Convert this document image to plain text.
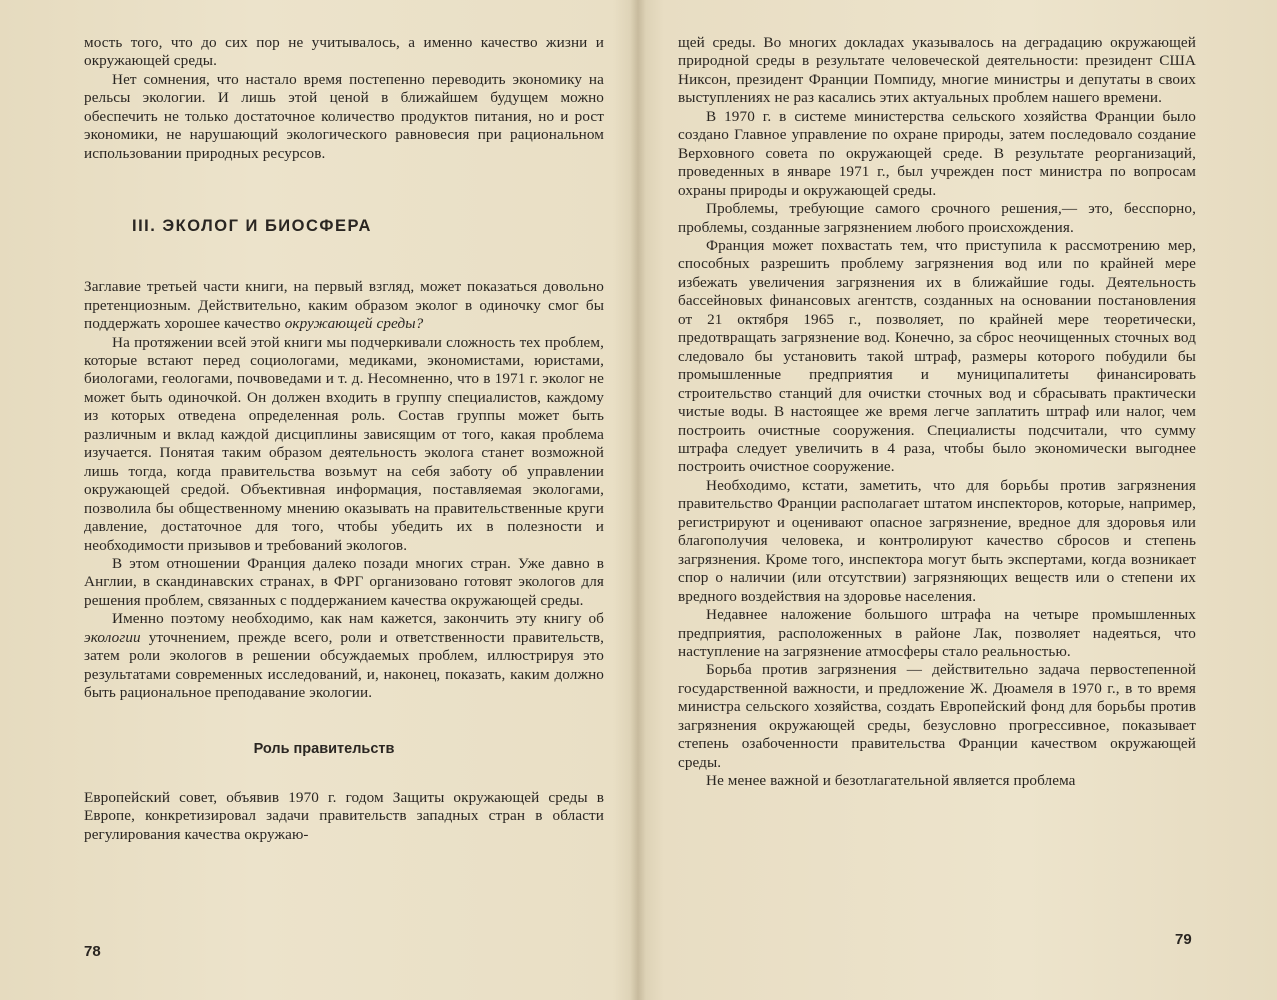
мость того, что до сих пор не учитывалось, а именно качество жизни и окружающей среды.

Нет сомнения, что настало время постепенно переводить экономику на рельсы экологии. И лишь этой ценой в ближайшем будущем можно обеспечить не только достаточное количество продуктов питания, но и рост экономики, не нарушающий экологического равновесия при рациональном использовании природных ресурсов.

III. ЭКОЛОГ И БИОСФЕРА

Заглавие третьей части книги, на первый взгляд, может показаться довольно претенциозным. Действительно, каким образом эколог в одиночку смог бы поддержать хорошее качество окружающей среды?

На протяжении всей этой книги мы подчеркивали сложность тех проблем, которые встают перед социологами, медиками, экономистами, юристами, биологами, геологами, почвоведами и т. д. Несомненно, что в 1971 г. эколог не может быть одиночкой. Он должен входить в группу специалистов, каждому из которых отведена определенная роль. Состав группы может быть различным и вклад каждой дисциплины зависящим от того, какая проблема изучается. Понятая таким образом деятельность эколога станет возможной лишь тогда, когда правительства возьмут на себя заботу об управлении окружающей средой. Объективная информация, поставляемая экологами, позволила бы общественному мнению оказывать на правительственные круги давление, достаточное для того, чтобы убедить их в полезности и необходимости призывов и требований экологов.

В этом отношении Франция далеко позади многих стран. Уже давно в Англии, в скандинавских странах, в ФРГ организовано готовят экологов для решения проблем, связанных с поддержанием качества окружающей среды.

Именно поэтому необходимо, как нам кажется, закончить эту книгу об экологии уточнением, прежде всего, роли и ответственности правительств, затем роли экологов в решении обсуждаемых проблем, иллюстрируя это результатами современных исследований, и, наконец, показать, каким должно быть рациональное преподавание экологии.

Роль правительств

Европейский совет, объявив 1970 г. годом Защиты окружающей среды в Европе, конкретизировал задачи правительств западных стран в области регулирования качества окружаю-

78

щей среды. Во многих докладах указывалось на деградацию окружающей природной среды в результате человеческой деятельности: президент США Никсон, президент Франции Помпиду, многие министры и депутаты в своих выступлениях не раз касались этих актуальных проблем нашего времени.

В 1970 г. в системе министерства сельского хозяйства Франции было создано Главное управление по охране природы, затем последовало создание Верховного совета по окружающей среде. В результате реорганизаций, проведенных в январе 1971 г., был учрежден пост министра по вопросам охраны природы и окружающей среды.

Проблемы, требующие самого срочного решения,— это, бесспорно, проблемы, созданные загрязнением любого происхождения.

Франция может похвастать тем, что приступила к рассмотрению мер, способных разрешить проблему загрязнения вод или по крайней мере избежать увеличения загрязнения их в ближайшие годы. Деятельность бассейновых финансовых агентств, созданных на основании постановления от 21 октября 1965 г., позволяет, по крайней мере теоретически, предотвращать загрязнение вод. Конечно, за сброс неочищенных сточных вод следовало бы установить такой штраф, размеры которого побудили бы промышленные предприятия и муниципалитеты финансировать строительство станций для очистки сточных вод и сбрасывать практически чистые воды. В настоящее же время легче заплатить штраф или налог, чем построить очистные сооружения. Специалисты подсчитали, что сумму штрафа следует увеличить в 4 раза, чтобы было экономически выгоднее построить очистное сооружение.

Необходимо, кстати, заметить, что для борьбы против загрязнения правительство Франции располагает штатом инспекторов, которые, например, регистрируют и оценивают опасное загрязнение, вредное для здоровья или благополучия человека, и контролируют качество сбросов и степень загрязнения. Кроме того, инспектора могут быть экспертами, когда возникает спор о наличии (или отсутствии) загрязняющих веществ или о степени их вредного воздействия на здоровье населения.

Недавнее наложение большого штрафа на четыре промышленных предприятия, расположенных в районе Лак, позволяет надеяться, что наступление на загрязнение атмосферы стало реальностью.

Борьба против загрязнения — действительно задача первостепенной государственной важности, и предложение Ж. Дюамеля в 1970 г., в то время министра сельского хозяйства, создать Европейский фонд для борьбы против загрязнения окружающей среды, безусловно прогрессивное, показывает степень озабоченности правительства Франции качеством окружающей среды.

Не менее важной и безотлагательной является проблема

79
